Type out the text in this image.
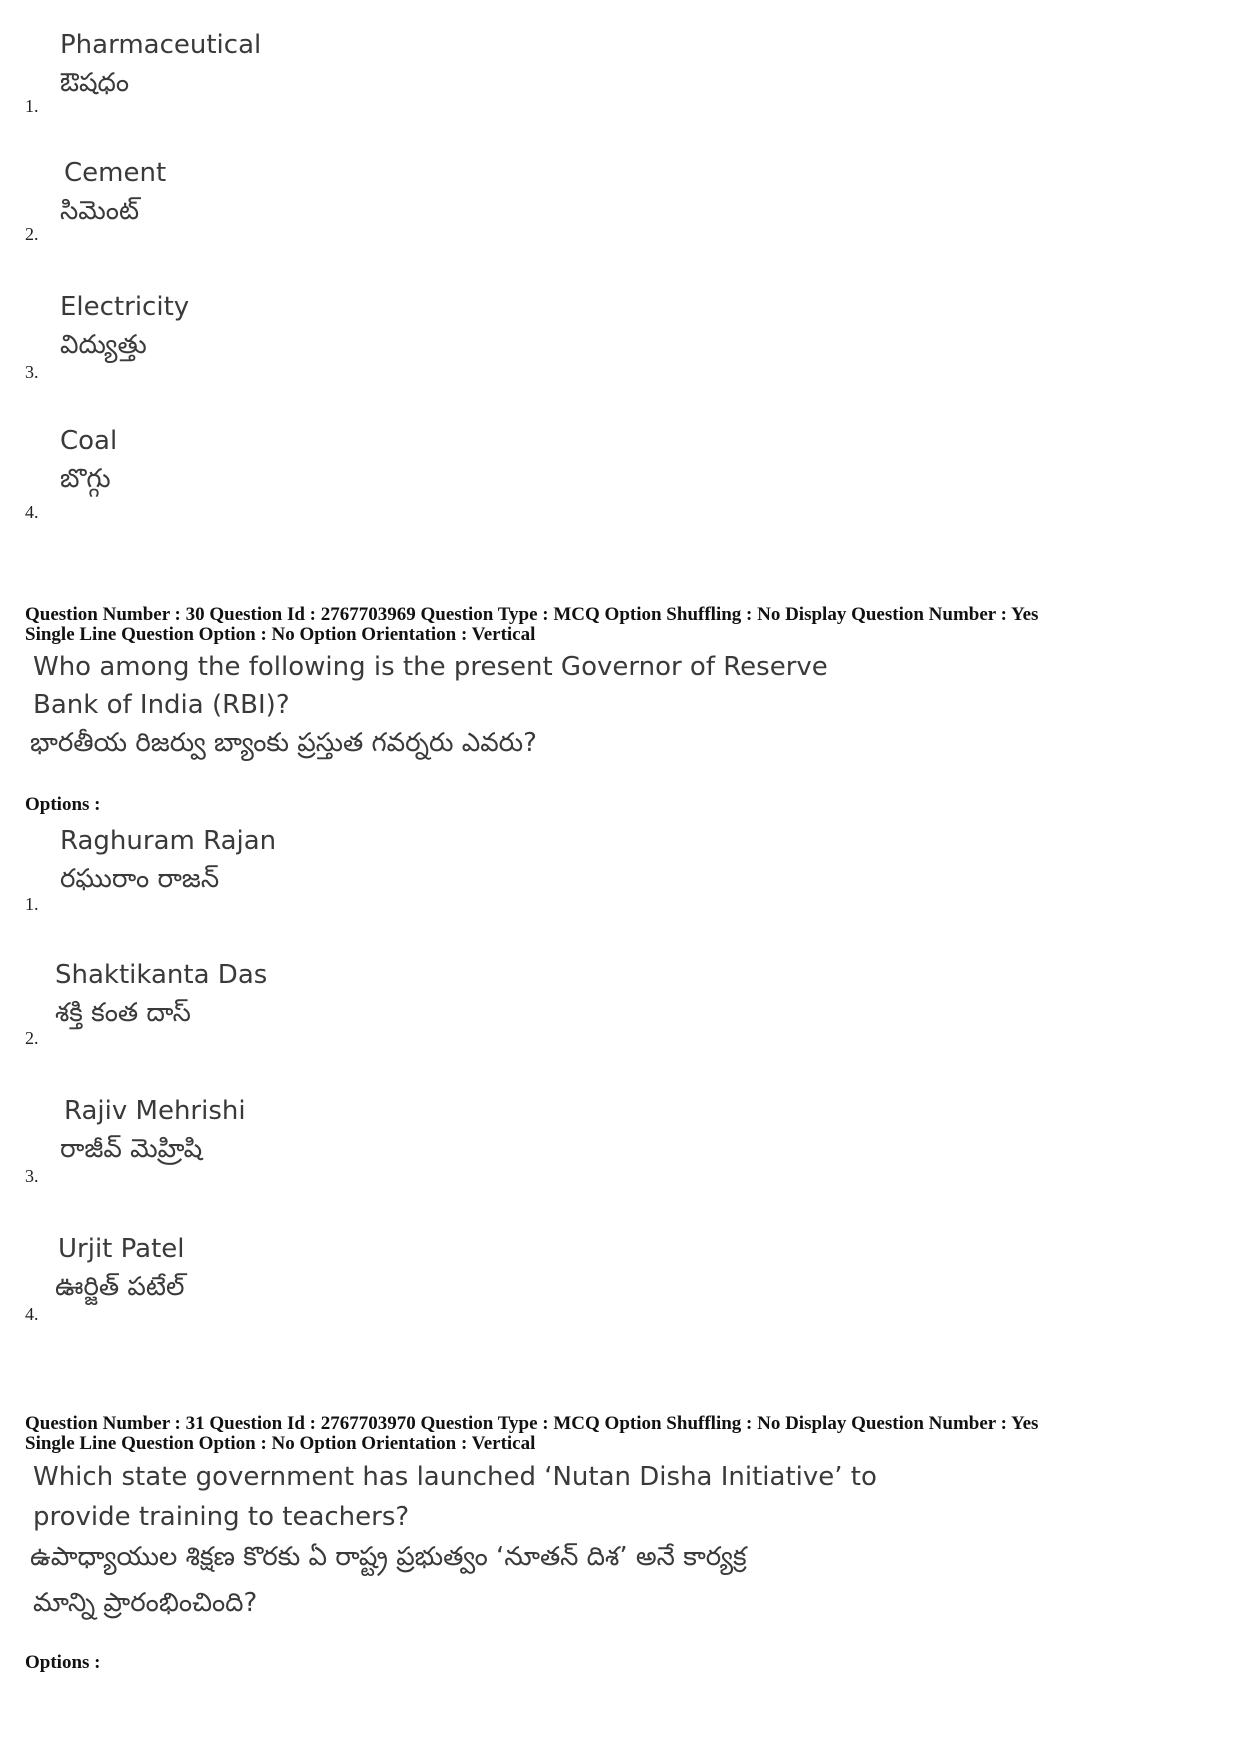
Pharmaceutical
ఔషధం
1.
Cement
సిమెంట్
2.
Electricity
విద్యుత్తు
3.
Coal
బొగ్గు
4.
Question Number : 30 Question Id : 2767703969 Question Type : MCQ Option Shuffling : No Display Question Number : Yes
Single Line Question Option : No Option Orientation : Vertical
Who among the following is the present Governor of Reserve
Bank of India (RBI)?
భారతీయ రిజర్వు బ్యాంకు ప్రస్తుత గవర్నరు ఎవరు?
Options :
Raghuram Rajan
రఘురాం రాజన్
1.
Shaktikanta Das
శక్తి కంత దాస్
2.
Rajiv Mehrishi
రాజీవ్ మెహ్రిషి
3.
Urjit Patel
ఊర్జిత్ పటేల్
4.
Question Number : 31 Question Id : 2767703970 Question Type : MCQ Option Shuffling : No Display Question Number : Yes
Single Line Question Option : No Option Orientation : Vertical
Which state government has launched ‘Nutan Disha Initiative’ to
provide training to teachers?
ఉపాధ్యాయుల శిక్షణ కొరకు ఏ రాష్ట్ర ప్రభుత్వం ‘నూతన్ దిశ’ అనే కార్యక్ర
మాన్ని ప్రారంభించింది?
Options :
